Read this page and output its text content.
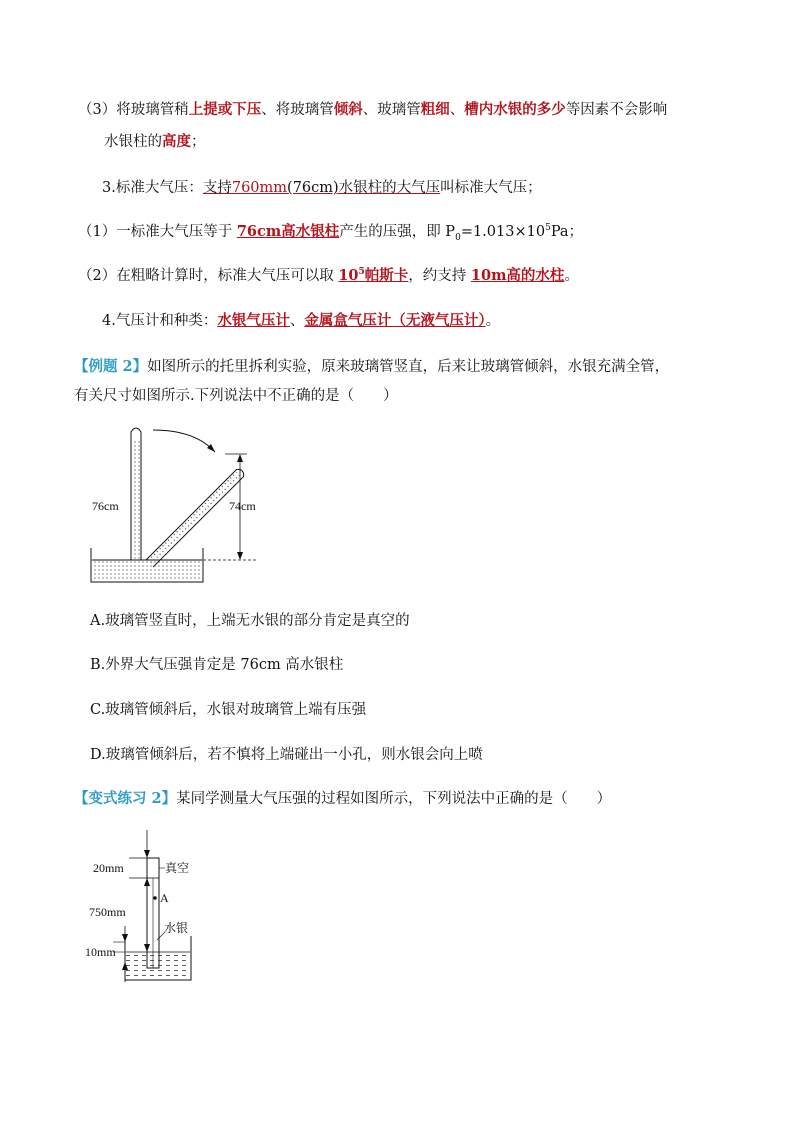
（3）将玻璃管稍上提或下压、将玻璃管倾斜、玻璃管粗细、槽内水银的多少等因素不会影响
水银柱的高度；
3.标准大气压：支持760mm(76cm)水银柱的大气压叫标准大气压；
（1）一标准大气压等于 76cm高水银柱产生的压强，即 $P_0=1.013\times 10^5Pa$；
（2）在粗略计算时，标准大气压可以取 $10^5$帕斯卡，约支持 10m高的水柱。
4.气压计和种类：水银气压计、金属盒气压计（无液气压计）。
【例题 2】如图所示的托里拆利实验，原来玻璃管竖直，后来让玻璃管倾斜，水银充满全管，
有关尺寸如图所示.下列说法中不正确的是（　　）
76cm	74cm
A.玻璃管竖直时，上端无水银的部分肯定是真空的
B.外界大气压强肯定是 76cm 高水银柱
C.玻璃管倾斜后，水银对玻璃管上端有压强
D.玻璃管倾斜后，若不慎将上端碰出一小孔，则水银会向上喷
【变式练习 2】某同学测量大气压强的过程如图所示，下列说法中正确的是（　　）
20mm	真空
A
750mm
水银
10mm
